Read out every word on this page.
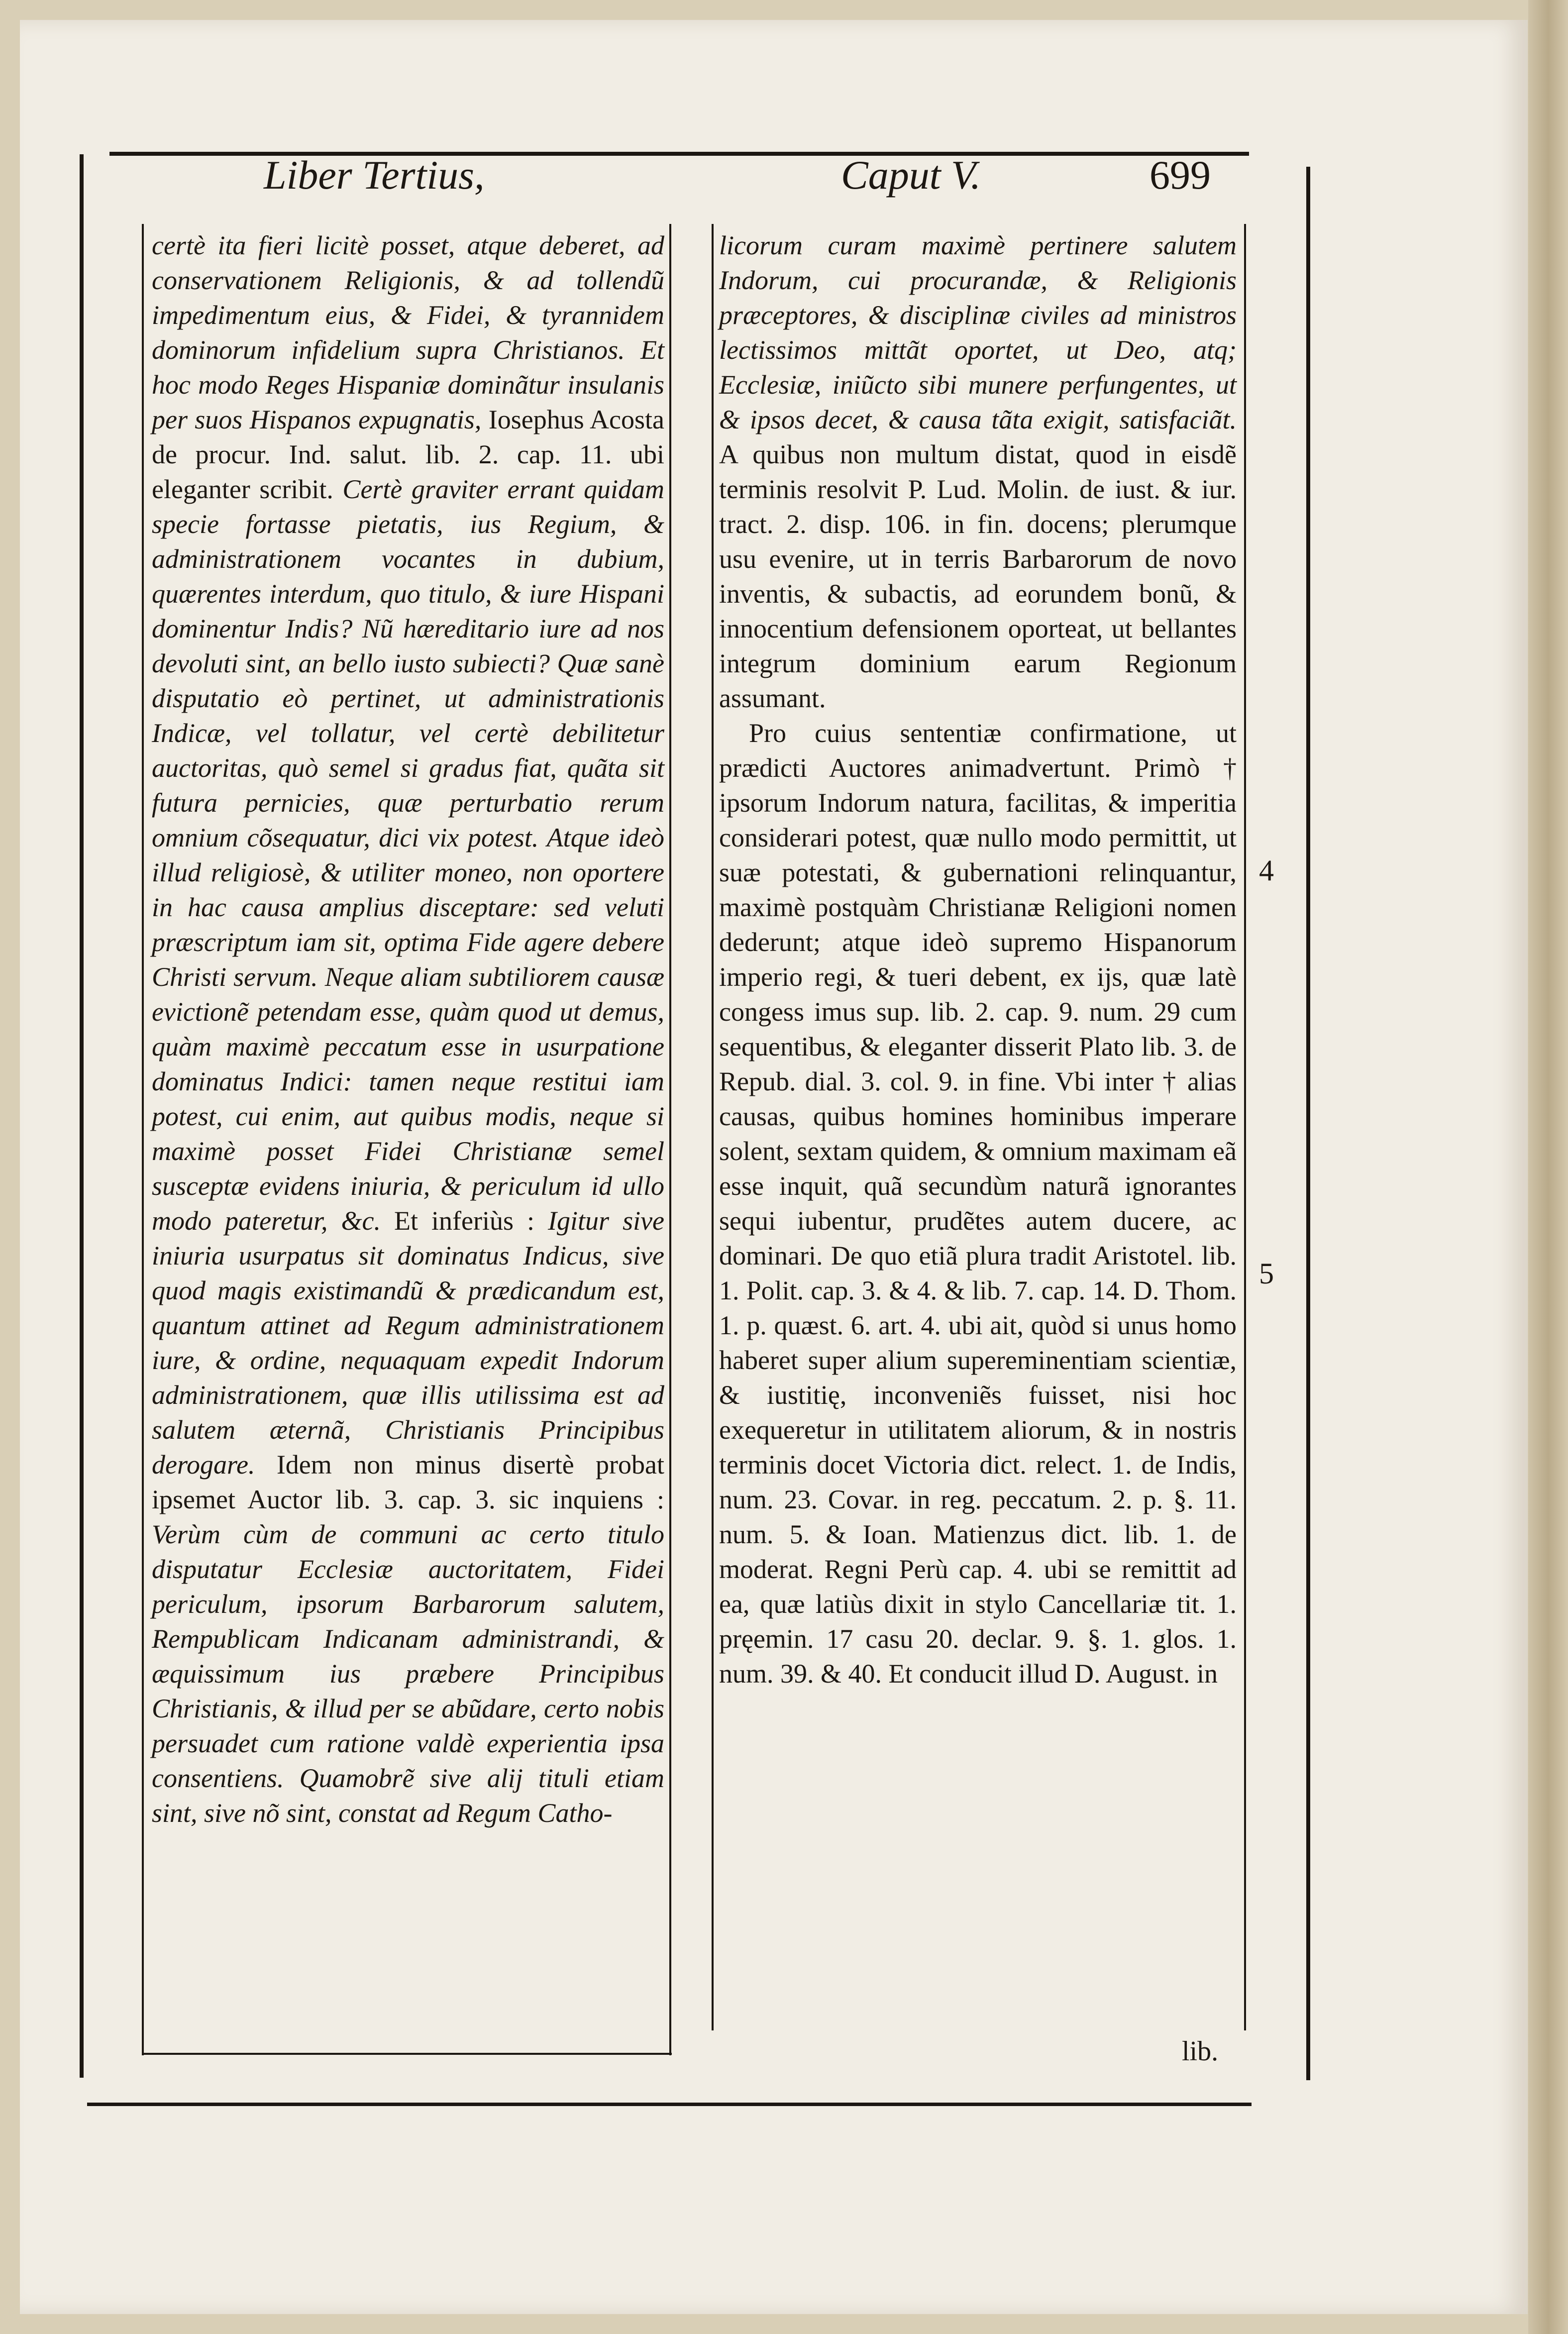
Liber Tertius,	Caput V.	699

certè ita fieri licitè posset, atque deberet, ad conservationem Religionis, & ad tollendũ impedimentum eius, & Fidei, & tyrannidem dominorum infidelium supra Christianos. Et hoc modo Reges Hispaniæ dominãtur insulanis per suos Hispanos expugnatis, Iosephus Acosta de procur. Ind. salut. lib. 2. cap. 11. ubi eleganter scribit. Certè graviter errant quidam specie fortasse pietatis, ius Regium, & administrationem vocantes in dubium, quærentes interdum, quo titulo, & iure Hispani dominentur Indis? Nũ hæreditario iure ad nos devoluti sint, an bello iusto subiecti? Quæ sanè disputatio eò pertinet, ut administrationis Indicæ, vel tollatur, vel certè debilitetur auctoritas, quò semel si gradus fiat, quãta sit futura pernicies, quæ perturbatio rerum omnium cõsequatur, dici vix potest. Atque ideò illud religiosè, & utiliter moneo, non oportere in hac causa amplius disceptare: sed veluti præscriptum iam sit, optima Fide agere debere Christi servum. Neque aliam subtiliorem causæ evictionẽ petendam esse, quàm quod ut demus, quàm maximè peccatum esse in usurpatione dominatus Indici: tamen neque restitui iam potest, cui enim, aut quibus modis, neque si maximè posset Fidei Christianæ semel susceptæ evidens iniuria, & periculum id ullo modo pateretur, &c. Et inferiùs : Igitur sive iniuria usurpatus sit dominatus Indicus, sive quod magis existimandũ & prædicandum est, quantum attinet ad Regum administrationem iure, & ordine, nequaquam expedit Indorum administrationem, quæ illis utilissima est ad salutem æternã, Christianis Principibus derogare. Idem non minus disertè probat ipsemet Auctor lib. 3. cap. 3. sic inquiens : Verùm cùm de communi ac certo titulo disputatur Ecclesiæ auctoritatem, Fidei periculum, ipsorum Barbarorum salutem, Rempublicam Indicanam administrandi, & æquissimum ius præbere Principibus Christianis, & illud per se abũdare, certo nobis persuadet cum ratione valdè experientia ipsa consentiens. Quamobrẽ sive alij tituli etiam sint, sive nõ sint, constat ad Regum Catho-

licorum curam maximè pertinere salutem Indorum, cui procurandæ, & Religionis præceptores, & disciplinæ civiles ad ministros lectissimos mittãt oportet, ut Deo, atq; Ecclesiæ, iniũcto sibi munere perfungentes, ut & ipsos decet, & causa tãta exigit, satisfaciãt. A quibus non multum distat, quod in eisdẽ terminis resolvit P. Lud. Molin. de iust. & iur. tract. 2. disp. 106. in fin. docens; plerumque usu evenire, ut in terris Barbarorum de novo inventis, & subactis, ad eorundem bonũ, & innocentium defensionem oporteat, ut bellantes integrum dominium earum Regionum assumant.

Pro cuius sententiæ confirmatione, ut prædicti Auctores animadvertunt. Primò † ipsorum Indorum natura, facilitas, & imperitia considerari potest, quæ nullo modo permittit, ut suæ potestati, & gubernationi relinquantur, maximè postquàm Christianæ Religioni nomen dederunt; atque ideò supremo Hispanorum imperio regi, & tueri debent, ex ijs, quæ latè congess imus sup. lib. 2. cap. 9. num. 29 cum sequentibus, & eleganter disserit Plato lib. 3. de Repub. dial. 3. col. 9. in fine. Vbi inter † alias causas, quibus homines hominibus imperare solent, sextam quidem, & omnium maximam eã esse inquit, quã secundùm naturã ignorantes sequi iubentur, prudẽtes autem ducere, ac dominari. De quo etiã plura tradit Aristotel. lib. 1. Polit. cap. 3. & 4. & lib. 7. cap. 14. D. Thom. 1. p. quæst. 6. art. 4. ubi ait, quòd si unus homo haberet super alium supereminentiam scientiæ, & iustitię, inconveniẽs fuisset, nisi hoc exequeretur in utilitatem aliorum, & in nostris terminis docet Victoria dict. relect. 1. de Indis, num. 23. Covar. in reg. peccatum. 2. p. §. 11. num. 5. & Ioan. Matienzus dict. lib. 1. de moderat. Regni Perù cap. 4. ubi se remittit ad ea, quæ latiùs dixit in stylo Cancellariæ tit. 1. pręemin. 17 casu 20. declar. 9. §. 1. glos. 1. num. 39. & 40. Et conducit illud D. August. in

4
5
lib.
